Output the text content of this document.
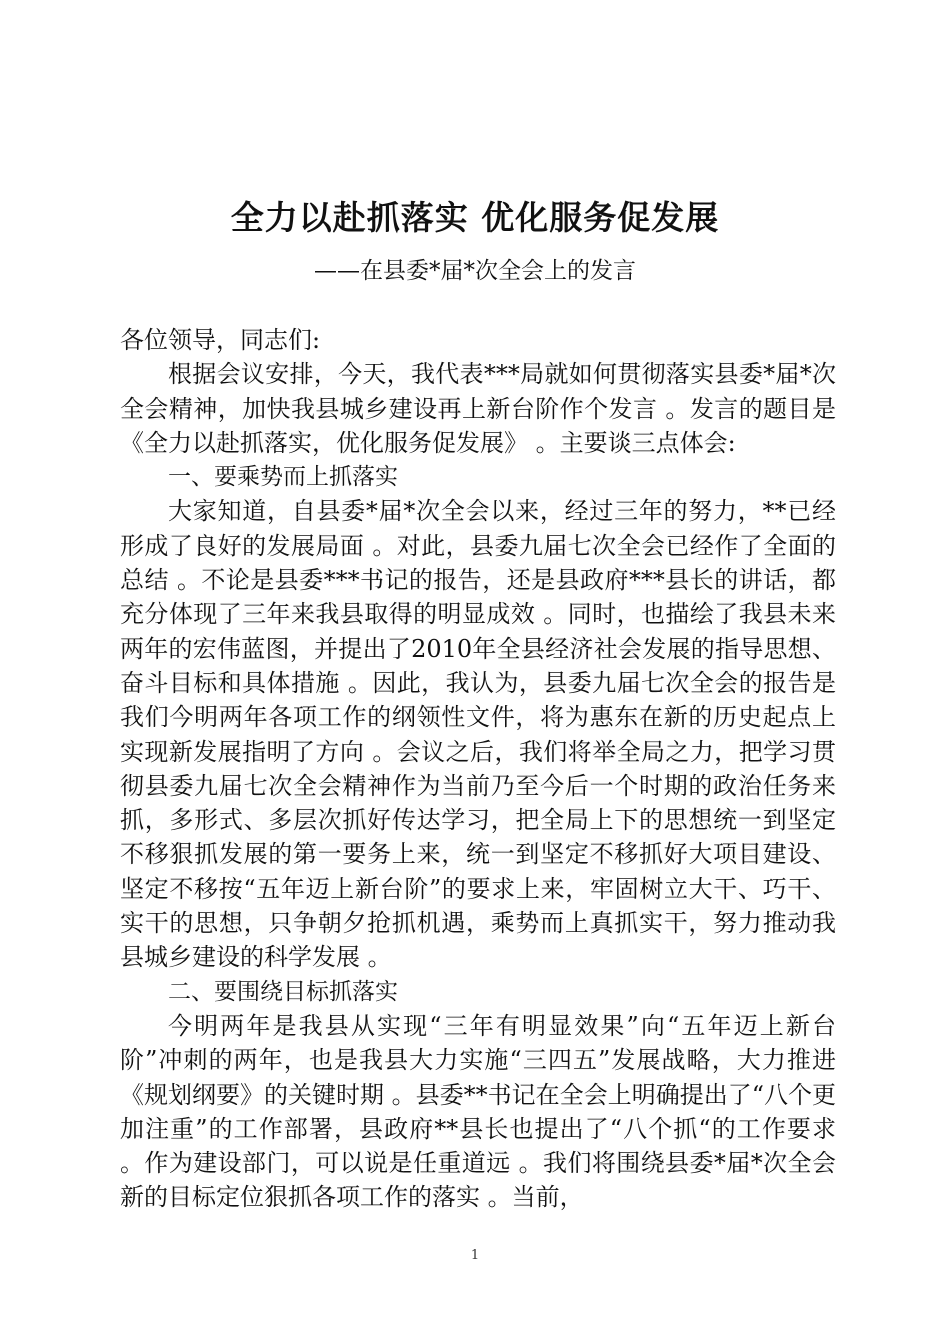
全力以赴抓落实 优化服务促发展
——在县委*届*次全会上的发言

各位领导，同志们:

根据会议安排，今天，我代表***局就如何贯彻落实县委*届*次全会精神，加快我县城乡建设再上新台阶作个发言 。发言的题目是《全力以赴抓落实，优化服务促发展》 。主要谈三点体会:

一、要乘势而上抓落实

大家知道，自县委*届*次全会以来，经过三年的努力，**已经形成了良好的发展局面 。对此，县委九届七次全会已经作了全面的总结 。不论是县委***书记的报告，还是县政府***县长的讲话，都充分体现了三年来我县取得的明显成效 。同时，也描绘了我县未来两年的宏伟蓝图，并提出了2010年全县经济社会发展的指导思想、奋斗目标和具体措施 。因此，我认为，县委九届七次全会的报告是我们今明两年各项工作的纲领性文件，将为惠东在新的历史起点上实现新发展指明了方向 。会议之后，我们将举全局之力，把学习贯彻县委九届七次全会精神作为当前乃至今后一个时期的政治任务来抓，多形式、多层次抓好传达学习，把全局上下的思想统一到坚定不移狠抓发展的第一要务上来，统一到坚定不移抓好大项目建设、坚定不移按“五年迈上新台阶”的要求上来，牢固树立大干、巧干、实干的思想，只争朝夕抢抓机遇，乘势而上真抓实干，努力推动我县城乡建设的科学发展 。

二、要围绕目标抓落实

今明两年是我县从实现“三年有明显效果”向“五年迈上新台阶”冲刺的两年，也是我县大力实施“三四五”发展战略，大力推进《规划纲要》的关键时期 。县委**书记在全会上明确提出了“八个更加注重”的工作部署，县政府**县长也提出了“八个抓“的工作要求 。作为建设部门，可以说是任重道远 。我们将围绕县委*届*次全会新的目标定位狠抓各项工作的落实 。当前，

1
